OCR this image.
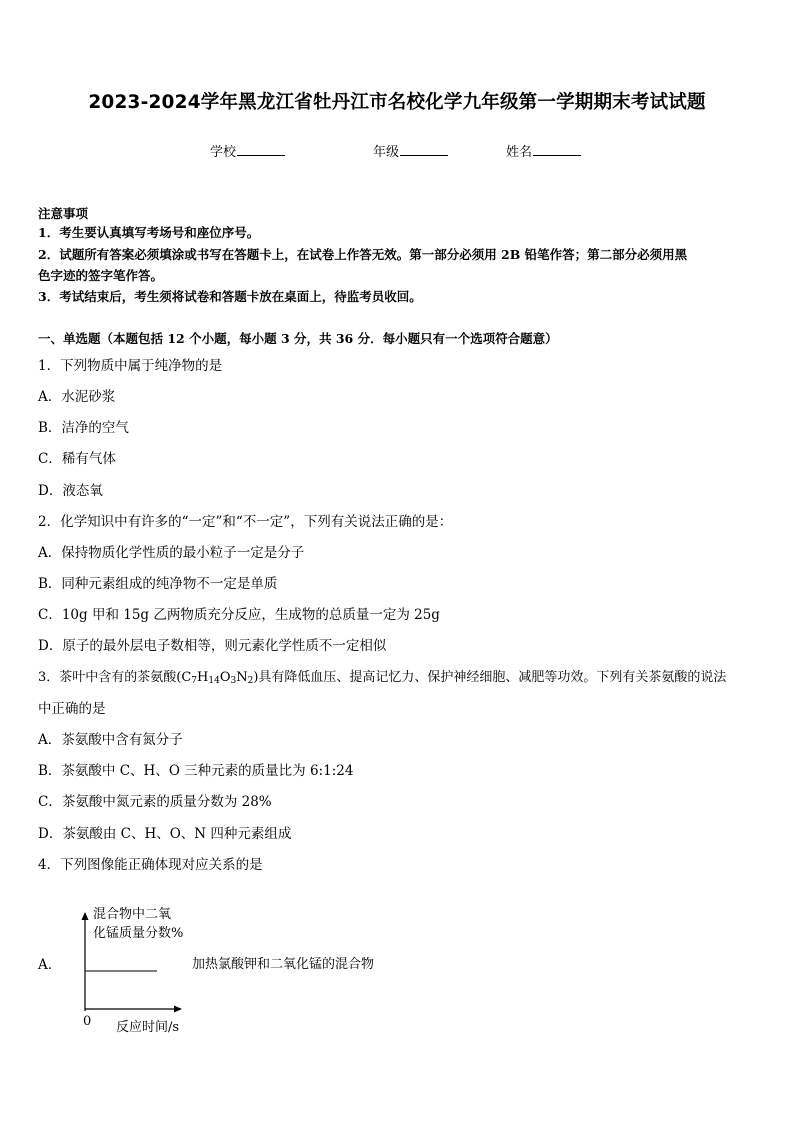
2023-2024学年黑龙江省牡丹江市名校化学九年级第一学期期末考试试题
学校	年级	姓名
注意事项
1．考生要认真填写考场号和座位序号。
2．试题所有答案必须填涂或书写在答题卡上，在试卷上作答无效。第一部分必须用 2B 铅笔作答；第二部分必须用黑
色字迹的签字笔作答。
3．考试结束后，考生须将试卷和答题卡放在桌面上，待监考员收回。
一、单选题（本题包括 12 个小题，每小题 3 分，共 36 分．每小题只有一个选项符合题意）
1．下列物质中属于纯净物的是
A．水泥砂浆
B．洁净的空气
C．稀有气体
D．液态氧
2．化学知识中有许多的“一定”和“不一定”，下列有关说法正确的是：
A．保持物质化学性质的最小粒子一定是分子
B．同种元素组成的纯净物不一定是单质
C．10g 甲和 15g 乙两物质充分反应，生成物的总质量一定为 25g
D．原子的最外层电子数相等，则元素化学性质不一定相似
3．茶叶中含有的茶氨酸$(C_7H_{14}O_3N_2)$具有降低血压、提高记忆力、保护神经细胞、减肥等功效。下列有关茶氨酸的说法
中正确的是
A．茶氨酸中含有氮分子
B．茶氨酸中 C、H、O 三种元素的质量比为 6:1:24
C．茶氨酸中氮元素的质量分数为 28%
D．茶氨酸由 C、H、O、N 四种元素组成
4．下列图像能正确体现对应关系的是
A．
混合物中二氧
化锰质量分数%
0 反应时间/s
加热氯酸钾和二氧化锰的混合物
